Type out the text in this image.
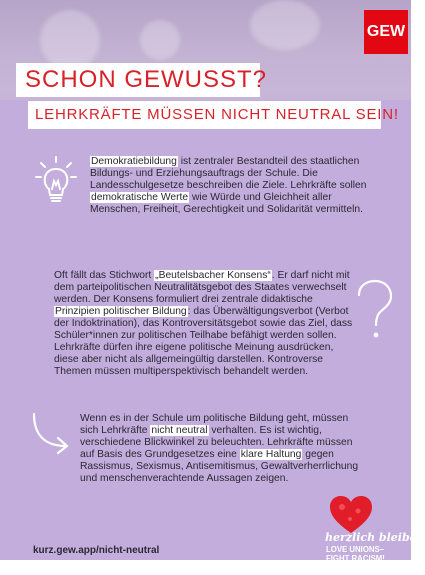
GEW
SCHON GEWUSST?
LEHRKRÄFTE MÜSSEN NICHT NEUTRAL SEIN!
Demokratiebildung ist zentraler Bestandteil des staatlichen
Bildungs- und Erziehungsauftrags der Schule. Die
Landesschulgesetze beschreiben die Ziele. Lehrkräfte sollen
demokratische Werte wie Würde und Gleichheit aller
Menschen, Freiheit, Gerechtigkeit und Solidarität vermitteln.
Oft fällt das Stichwort „Beutelsbacher Konsens“. Er darf nicht mit
dem parteipolitischen Neutralitätsgebot des Staates verwechselt
werden. Der Konsens formuliert drei zentrale didaktische
Prinzipien politischer Bildung: das Überwältigungsverbot (Verbot
der Indoktrination), das Kontroversitätsgebot sowie das Ziel, dass
Schüler*innen zur politischen Teilhabe befähigt werden sollen.
Lehrkräfte dürfen ihre eigene politische Meinung ausdrücken,
diese aber nicht als allgemeingültig darstellen. Kontroverse
Themen müssen multiperspektivisch behandelt werden.
Wenn es in der Schule um politische Bildung geht, müssen
sich Lehrkräfte nicht neutral verhalten. Es ist wichtig,
verschiedene Blickwinkel zu beleuchten. Lehrkräfte müssen
auf Basis des Grundgesetzes eine klare Haltung gegen
Rassismus, Sexismus, Antisemitismus, Gewaltverherrlichung
und menschenverachtende Aussagen zeigen.
kurz.gew.app/nicht-neutral
herzlich bleiben
LOVE UNIONS–
FIGHT RACISM!
